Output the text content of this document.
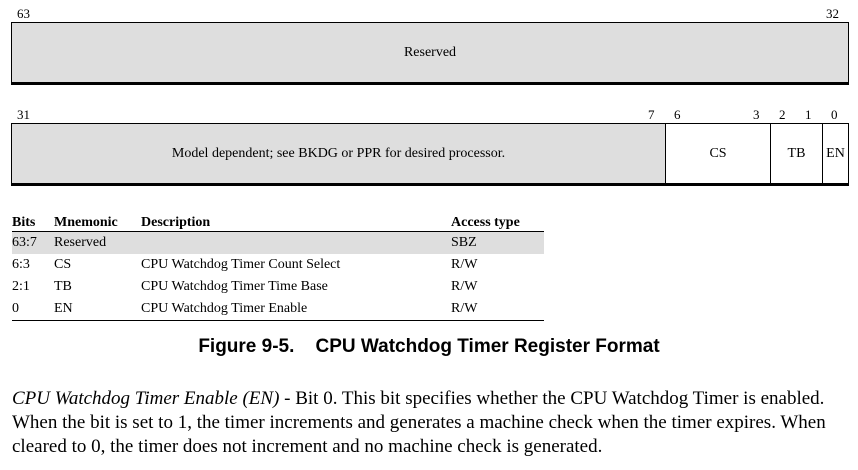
63	32
Reserved
31	7 6	3 2 1 0
Model dependent; see BKDG or PPR for desired processor.	CS	TB	EN
Bits	Mnemonic	Description	Access type
63:7	Reserved		SBZ
6:3	CS	CPU Watchdog Timer Count Select	R/W
2:1	TB	CPU Watchdog Timer Time Base	R/W
0	EN	CPU Watchdog Timer Enable	R/W
Figure 9-5.    CPU Watchdog Timer Register Format
CPU Watchdog Timer Enable (EN) - Bit 0. This bit specifies whether the CPU Watchdog Timer is enabled. When the bit is set to 1, the timer increments and generates a machine check when the timer expires. When cleared to 0, the timer does not increment and no machine check is generated.
